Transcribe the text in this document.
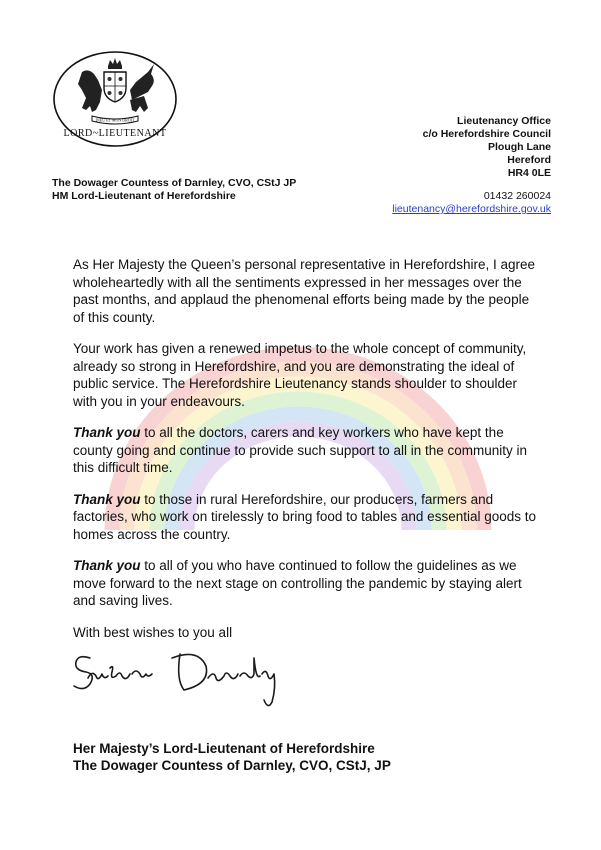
DIEU ET MON DROIT
LORD~LIEUTENANT
The Dowager Countess of Darnley, CVO, CStJ JP
HM Lord-Lieutenant of Herefordshire
Lieutenancy Office
c/o Herefordshire Council
Plough Lane
Hereford
HR4 0LE
01432 260024
lieutenancy@herefordshire.gov.uk

As Her Majesty the Queen’s personal representative in Herefordshire, I agree wholeheartedly with all the sentiments expressed in her messages over the past months, and applaud the phenomenal efforts being made by the people of this county.

Your work has given a renewed impetus to the whole concept of community, already so strong in Herefordshire, and you are demonstrating the ideal of public service. The Herefordshire Lieutenancy stands shoulder to shoulder with you in your endeavours.

Thank you to all the doctors, carers and key workers who have kept the county going and continue to provide such support to all in the community in this difficult time.

Thank you to those in rural Herefordshire, our producers, farmers and factories, who work on tirelessly to bring food to tables and essential goods to homes across the country.

Thank you to all of you who have continued to follow the guidelines as we move forward to the next stage on controlling the pandemic by staying alert and saving lives.

With best wishes to you all

Her Majesty’s Lord-Lieutenant of Herefordshire
The Dowager Countess of Darnley, CVO, CStJ, JP
